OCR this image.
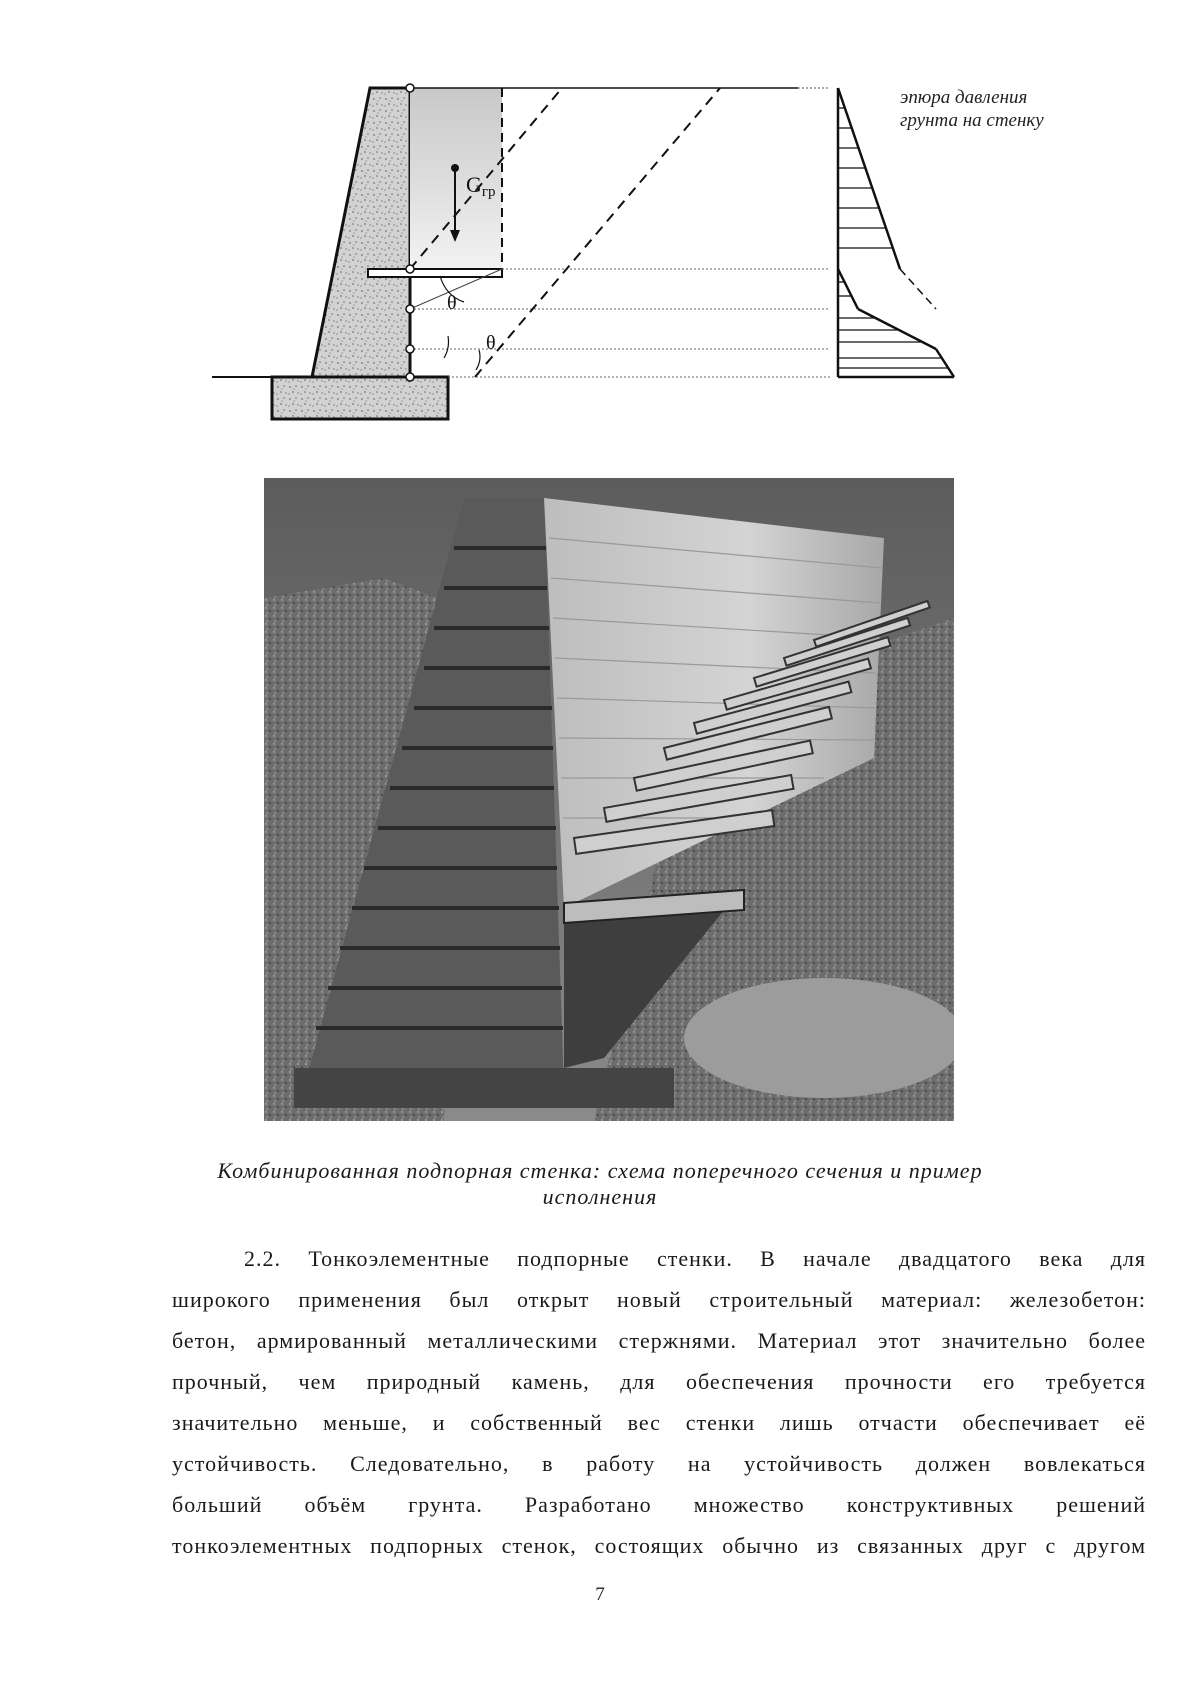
эпюра давления
грунта на стенку
$G_{гр}$
θ
θ
Комбинированная подпорная стенка: схема поперечного сечения и пример
исполнения
2.2. Тонкоэлементные подпорные стенки. В начале двадцатого века для
широкого применения был открыт новый строительный материал: железобетон:
бетон, армированный металлическими стержнями. Материал этот значительно более
прочный, чем природный камень, для обеспечения прочности его требуется
значительно меньше, и собственный вес стенки лишь отчасти обеспечивает её
устойчивость. Следовательно, в работу на устойчивость должен вовлекаться
больший объём грунта. Разработано множество конструктивных решений
тонкоэлементных подпорных стенок, состоящих обычно из связанных друг с другом
7
